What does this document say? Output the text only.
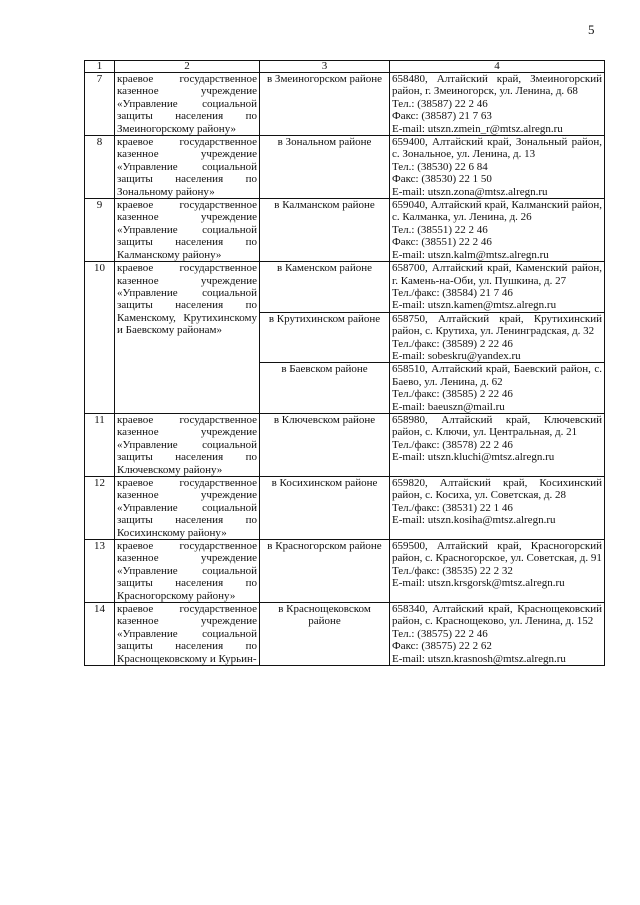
5
1	2	3	4
7	краевое государственное казенное учреждение «Управление социальной защиты населения по Змеиногорскому району»	в Змеиногорском районе	658480, Алтайский край, Змеиногорский район, г. Змеиногорск, ул. Ленина, д. 68
Тел.: (38587) 22 2 46
Факс: (38587) 21 7 63
E-mail: utszn.zmein_r@mtsz.alregn.ru

8	краевое государственное казенное учреждение «Управление социальной защиты населения по Зональному району»	в Зональном районе	659400, Алтайский край, Зональный район, с. Зональное, ул. Ленина, д. 13
Тел.: (38530) 22 6 84
Факс: (38530) 22 1 50
E-mail: utszn.zona@mtsz.alregn.ru

9	краевое государственное казенное учреждение «Управление социальной защиты населения по Калманскому району»	в Калманском районе	659040, Алтайский край, Калманский район, с. Калманка, ул. Ленина, д. 26
Тел.: (38551) 22 2 46
Факс: (38551) 22 2 46
E-mail: utszn.kalm@mtsz.alregn.ru

10	краевое государственное казенное учреждение «Управление социальной защиты населения по Каменскому, Крутихинскому и Баевскому районам»	в Каменском районе	658700, Алтайский край, Каменский район, г. Камень-на-Оби, ул. Пушкина, д. 27
Тел./факс: (38584) 21 7 46
E-mail: utszn.kamen@mtsz.alregn.ru

		в Крутихинском районе	658750, Алтайский край, Крутихинский район, с. Крутиха, ул. Ленинградская, д. 32
Тел./факс: (38589) 2 22 46
E-mail: sobeskru@yandex.ru

		в Баевском районе	658510, Алтайский край, Баевский район, с. Баево, ул. Ленина, д. 62
Тел./факс: (38585) 2 22 46
E-mail: baeuszn@mail.ru

11	краевое государственное казенное учреждение «Управление социальной защиты населения по Ключевскому району»	в Ключевском районе	658980, Алтайский край, Ключевский район, с. Ключи, ул. Центральная, д. 21
Тел./факс: (38578) 22 2 46
E-mail: utszn.kluchi@mtsz.alregn.ru

12	краевое государственное казенное учреждение «Управление социальной защиты населения по Косихинскому району»	в Косихинском районе	659820, Алтайский край, Косихинский район, с. Косиха, ул. Советская, д. 28
Тел./факс: (38531) 22 1 46
E-mail: utszn.kosiha@mtsz.alregn.ru

13	краевое государственное казенное учреждение «Управление социальной защиты населения по Красногорскому району»	в Красногорском районе	659500, Алтайский край, Красногорский район, с. Красногорское, ул. Советская, д. 91
Тел./факс: (38535) 22 2 32
E-mail: utszn.krsgorsk@mtsz.alregn.ru

14	краевое государственное казенное учреждение «Управление социальной защиты населения по Краснощековскому и Курьин-	в Краснощековском районе	658340, Алтайский край, Краснощековский район, с. Краснощеково, ул. Ленина, д. 152
Тел.: (38575) 22 2 46
Факс: (38575) 22 2 62
E-mail: utszn.krasnosh@mtsz.alregn.ru
